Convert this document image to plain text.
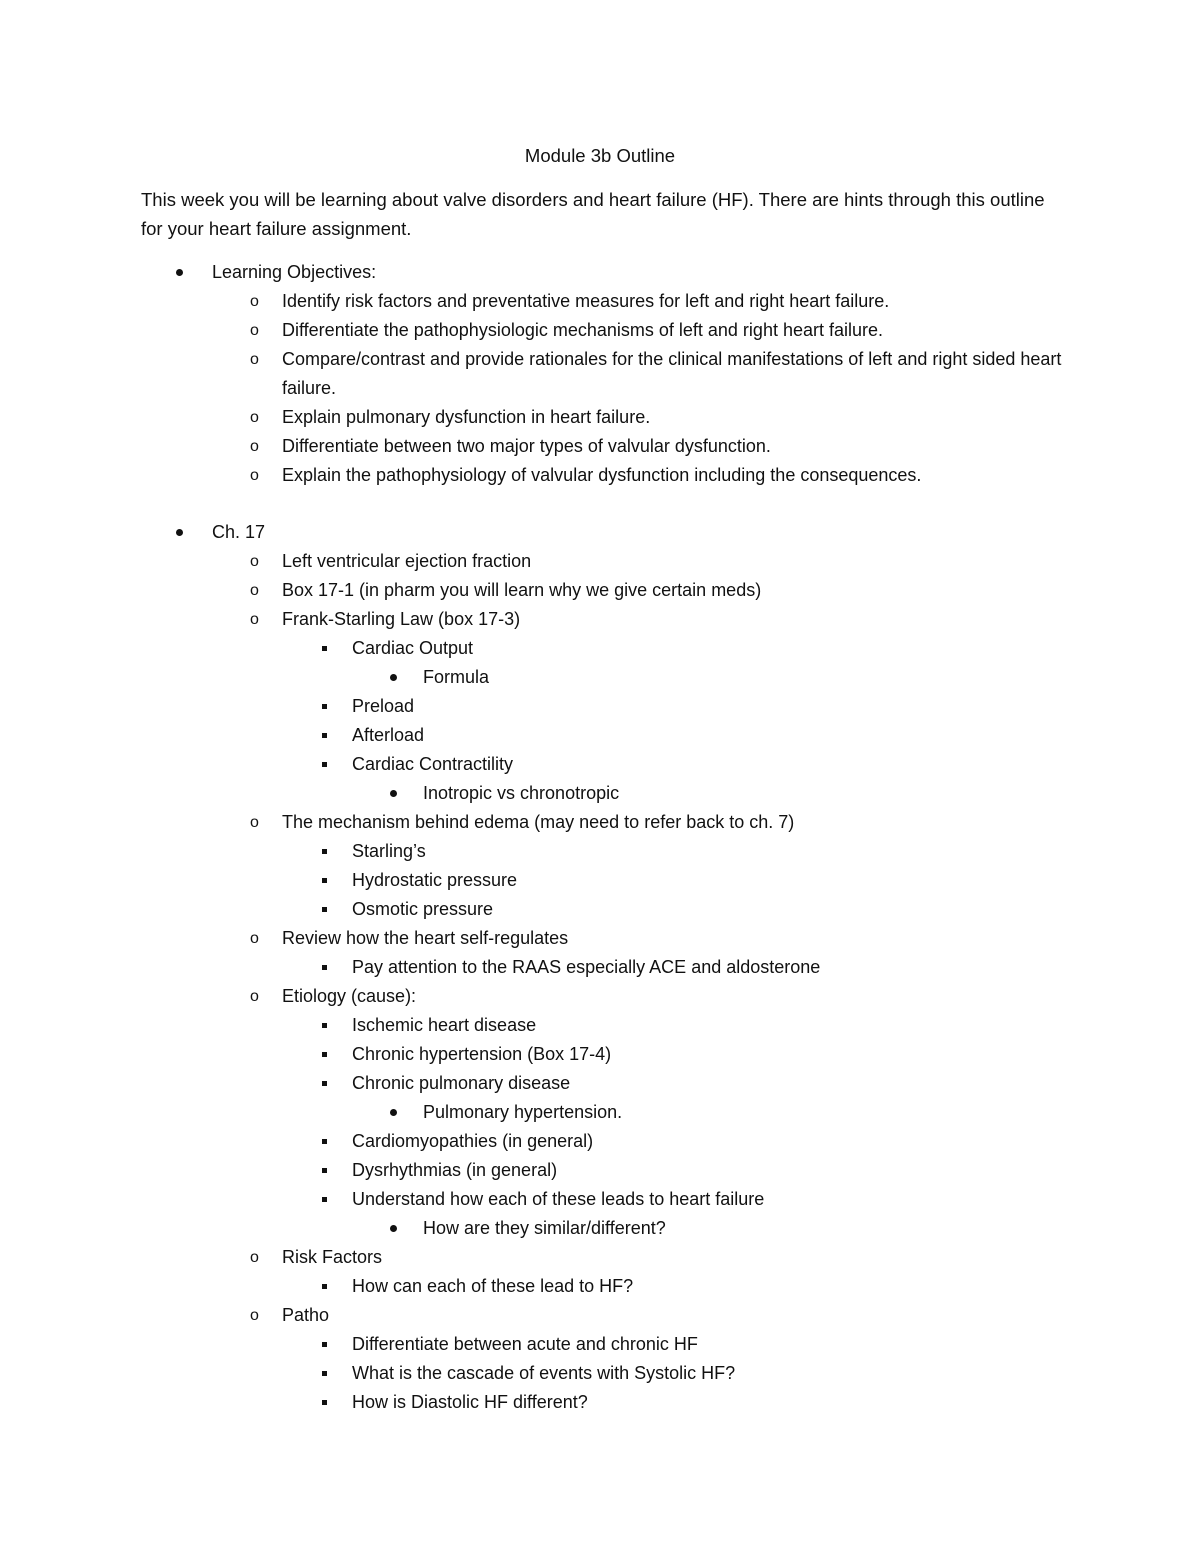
Module 3b Outline
This week you will be learning about valve disorders and heart failure (HF). There are hints through this outline for your heart failure assignment.
Learning Objectives:
Identify risk factors and preventative measures for left and right heart failure.
Differentiate the pathophysiologic mechanisms of left and right heart failure.
Compare/contrast and provide rationales for the clinical manifestations of left and right sided heart failure.
Explain pulmonary dysfunction in heart failure.
Differentiate between two major types of valvular dysfunction.
Explain the pathophysiology of valvular dysfunction including the consequences.
Ch. 17
Left ventricular ejection fraction
Box 17-1 (in pharm you will learn why we give certain meds)
Frank-Starling Law (box 17-3)
Cardiac Output
Formula
Preload
Afterload
Cardiac Contractility
Inotropic vs chronotropic
The mechanism behind edema (may need to refer back to ch. 7)
Starling’s
Hydrostatic pressure
Osmotic pressure
Review how the heart self-regulates
Pay attention to the RAAS especially ACE and aldosterone
Etiology (cause):
Ischemic heart disease
Chronic hypertension (Box 17-4)
Chronic pulmonary disease
Pulmonary hypertension.
Cardiomyopathies (in general)
Dysrhythmias (in general)
Understand how each of these leads to heart failure
How are they similar/different?
Risk Factors
How can each of these lead to HF?
Patho
Differentiate between acute and chronic HF
What is the cascade of events with Systolic HF?
How is Diastolic HF different?
